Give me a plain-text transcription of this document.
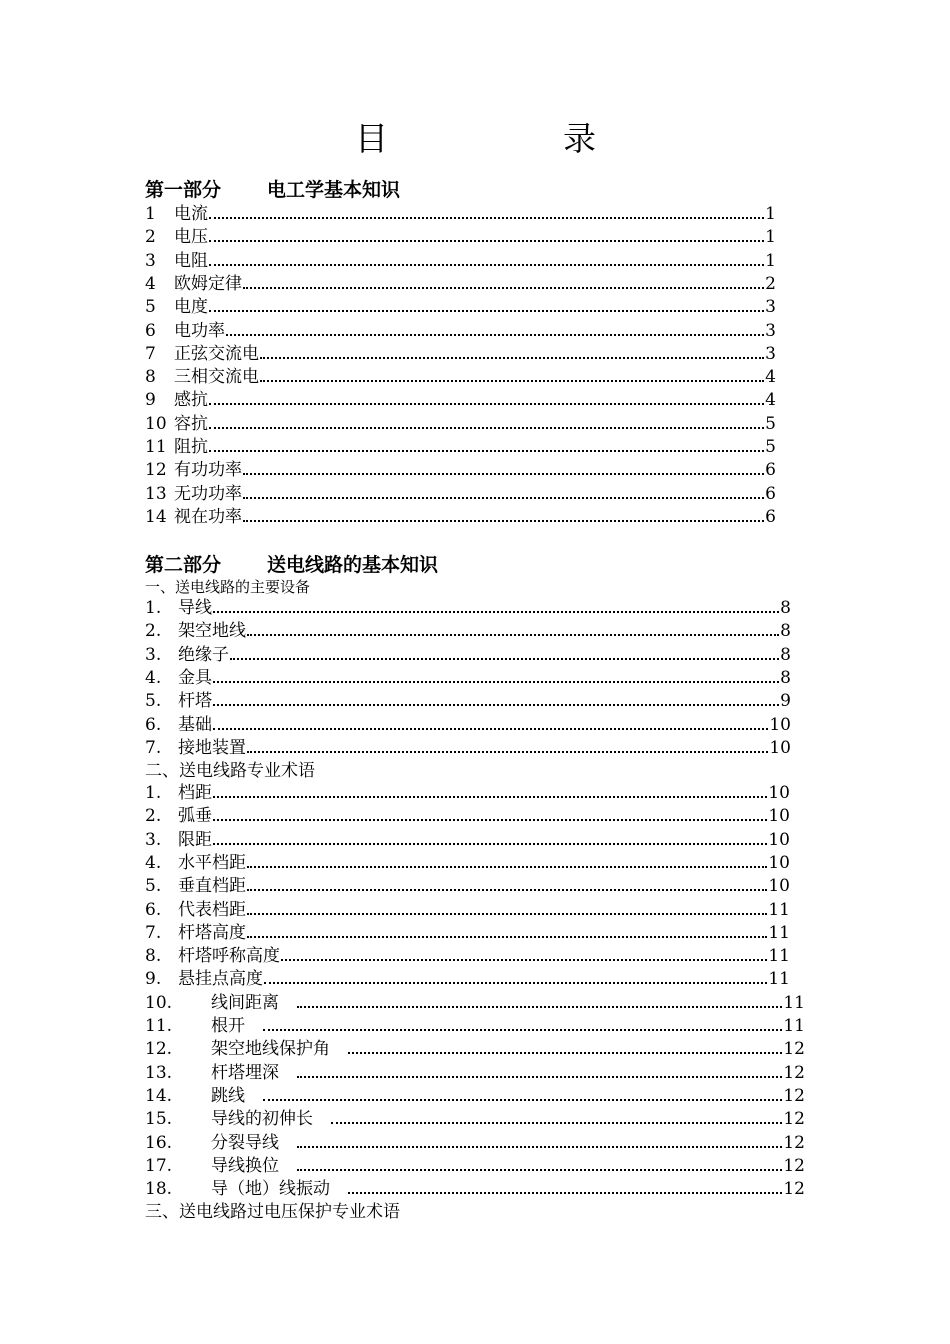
目	录
第一部分 电工学基本知识
1 电流	1
2 电压	1
3 电阻	1
4 欧姆定律	2
5 电度	3
6 电功率	3
7 正弦交流电	3
8 三相交流电	4
9 感抗	4
10 容抗	5
11 阻抗	5
12 有功功率	6
13 无功功率	6
14 视在功率	6
第二部分 送电线路的基本知识
一、送电线路的主要设备
1. 导线	8
2. 架空地线	8
3. 绝缘子	8
4. 金具	8
5. 杆塔	9
6. 基础	10
7. 接地装置	10
二、送电线路专业术语
1. 档距	10
2. 弧垂	10
3. 限距	10
4. 水平档距	10
5. 垂直档距	10
6. 代表档距	11
7. 杆塔高度	11
8. 杆塔呼称高度	11
9. 悬挂点高度	11
10. 线间距离	11
11. 根开	11
12. 架空地线保护角	12
13. 杆塔埋深	12
14. 跳线	12
15. 导线的初伸长	12
16. 分裂导线	12
17. 导线换位	12
18. 导（地）线振动	12
三、送电线路过电压保护专业术语
